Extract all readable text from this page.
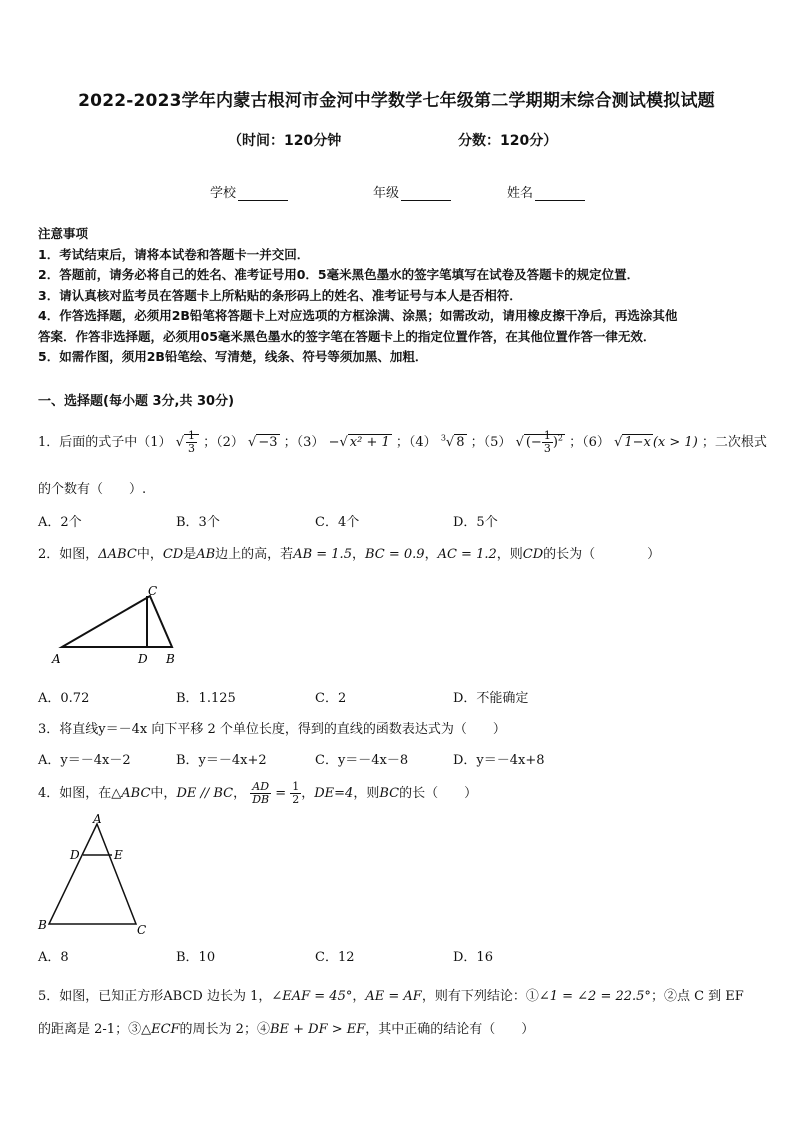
2022-2023学年内蒙古根河市金河中学数学七年级第二学期期末综合测试模拟试题
（时间：120分钟	分数：120分）
学校	年级	姓名
注意事项
1．考试结束后，请将本试卷和答题卡一并交回．
2．答题前，请务必将自己的姓名、准考证号用0．5毫米黑色墨水的签字笔填写在试卷及答题卡的规定位置．
3．请认真核对监考员在答题卡上所粘贴的条形码上的姓名、准考证号与本人是否相符．
4．作答选择题，必须用2B铅笔将答题卡上对应选项的方框涂满、涂黑；如需改动，请用橡皮擦干净后，再选涂其他
答案．作答非选择题，必须用05毫米黑色墨水的签字笔在答题卡上的指定位置作答，在其他位置作答一律无效．
5．如需作图，须用2B铅笔绘、写清楚，线条、符号等须加黑、加粗．
一、选择题(每小题 3分,共 30分)
1．后面的式子中（1） √ $\frac{1}{3}$ ；（2） √ −3 ；（3） −√ x² + 1 ；（4） $^3$√ 8 ；（5） √ (− $\frac{1}{3} )^2$ ；（6） √ 1−x (x > 1) ；二次根式
的个数有（　　）.
A．2个	B．3个	C．4个	D．5个
2．如图，ΔABC中，CD是AB边上的高，若AB = 1.5，BC = 0.9，AC = 1.2，则CD的长为（　　　　）
A	D B
C
A．0.72	B．1.125	C．2	D．不能确定
3．将直线y＝－4x 向下平移 2 个单位长度，得到的直线的函数表达式为（　　）
A．y＝－4x－2	B．y＝－4x+2	C．y＝－4x－8	D．y＝－4x+8
4．如图，在△ABC中，DE // BC， $\frac{AD}{DB} = \frac{1}{2}$ ，DE=4，则BC的长（　　）
A
D	E
B	C
A．8	B．10	C．12	D．16
5．如图，已知正方形ABCD 边长为 1，∠EAF = 45°，AE = AF，则有下列结论：①∠1 = ∠2 = 22.5°；②点 C 到 EF
的距离是 2-1；③△ECF的周长为 2；④BE + DF > EF，其中正确的结论有（　　）
